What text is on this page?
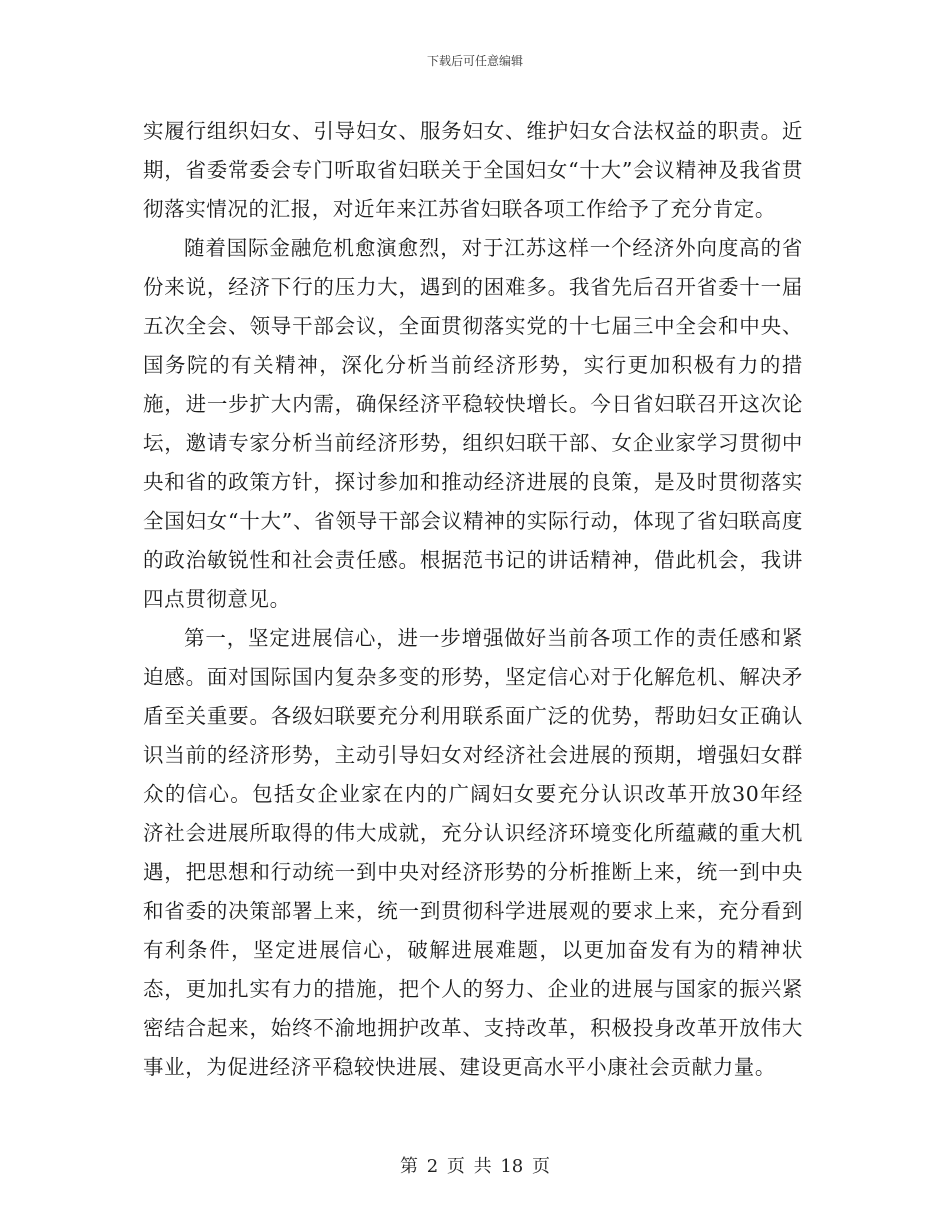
下载后可任意编辑

实履行组织妇女、引导妇女、服务妇女、维护妇女合法权益的职责。近期，省委常委会专门听取省妇联关于全国妇女“十大”会议精神及我省贯彻落实情况的汇报，对近年来江苏省妇联各项工作给予了充分肯定。

随着国际金融危机愈演愈烈，对于江苏这样一个经济外向度高的省份来说，经济下行的压力大，遇到的困难多。我省先后召开省委十一届五次全会、领导干部会议，全面贯彻落实党的十七届三中全会和中央、国务院的有关精神，深化分析当前经济形势，实行更加积极有力的措施，进一步扩大内需，确保经济平稳较快增长。今日省妇联召开这次论坛，邀请专家分析当前经济形势，组织妇联干部、女企业家学习贯彻中央和省的政策方针，探讨参加和推动经济进展的良策，是及时贯彻落实全国妇女“十大”、省领导干部会议精神的实际行动，体现了省妇联高度的政治敏锐性和社会责任感。根据范书记的讲话精神，借此机会，我讲四点贯彻意见。

第一，坚定进展信心，进一步增强做好当前各项工作的责任感和紧迫感。面对国际国内复杂多变的形势，坚定信心对于化解危机、解决矛盾至关重要。各级妇联要充分利用联系面广泛的优势，帮助妇女正确认识当前的经济形势，主动引导妇女对经济社会进展的预期，增强妇女群众的信心。包括女企业家在内的广阔妇女要充分认识改革开放30年经济社会进展所取得的伟大成就，充分认识经济环境变化所蕴藏的重大机遇，把思想和行动统一到中央对经济形势的分析推断上来，统一到中央和省委的决策部署上来，统一到贯彻科学进展观的要求上来，充分看到有利条件，坚定进展信心，破解进展难题，以更加奋发有为的精神状态，更加扎实有力的措施，把个人的努力、企业的进展与国家的振兴紧密结合起来，始终不渝地拥护改革、支持改革，积极投身改革开放伟大事业，为促进经济平稳较快进展、建设更高水平小康社会贡献力量。

第 2 页 共 18 页
